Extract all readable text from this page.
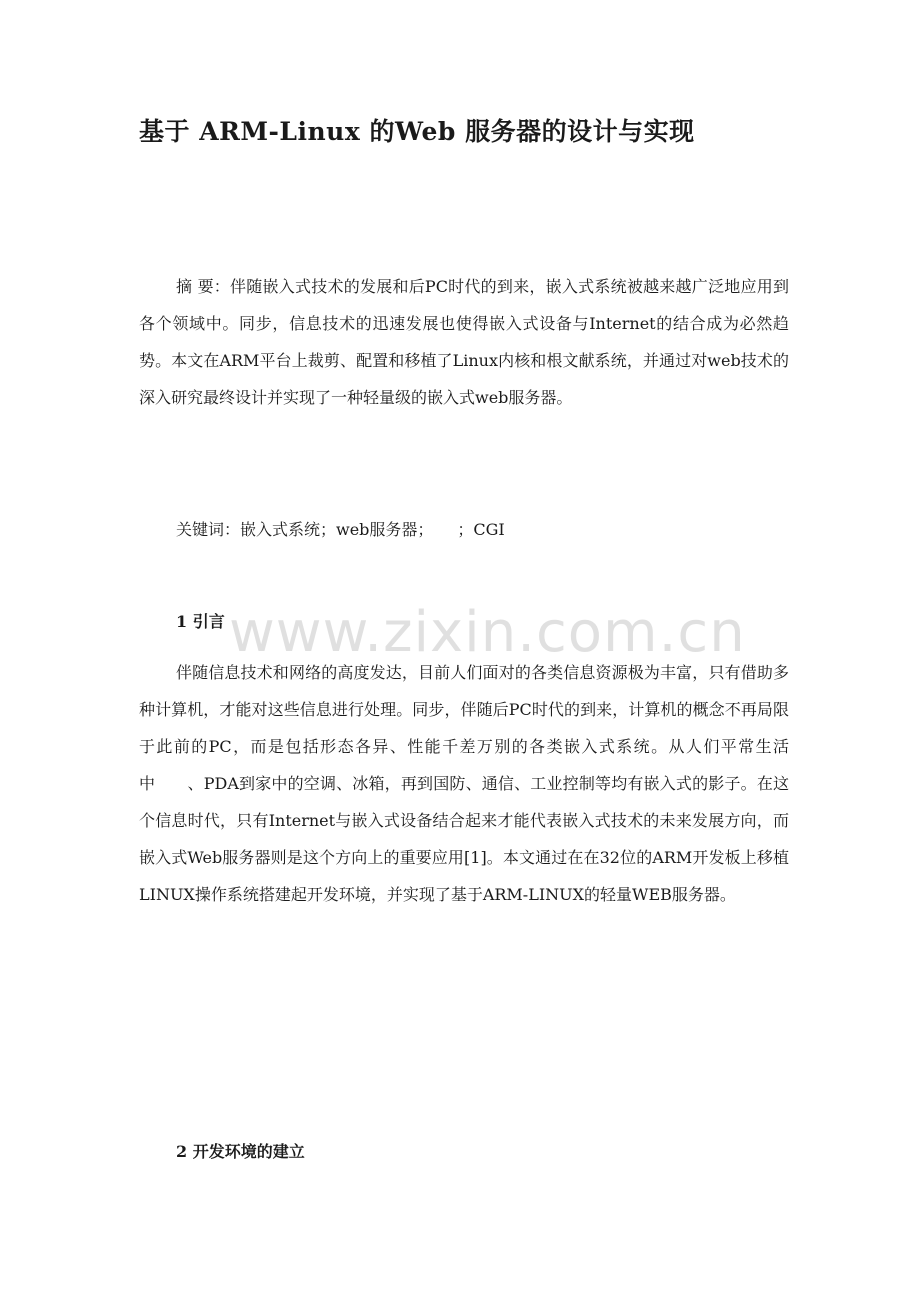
基于 ARM-Linux 的Web 服务器的设计与实现

摘 要：伴随嵌入式技术的发展和后PC时代的到来，嵌入式系统被越来越广泛地应用到各个领域中。同步，信息技术的迅速发展也使得嵌入式设备与Internet的结合成为必然趋势。本文在ARM平台上裁剪、配置和移植了Linux内核和根文献系统，并通过对web技术的深入研究最终设计并实现了一种轻量级的嵌入式web服务器。

关键词：嵌入式系统；web服务器；　　；CGI

1 引言 www.zixin.com.cn

伴随信息技术和网络的高度发达，目前人们面对的各类信息资源极为丰富，只有借助多种计算机，才能对这些信息进行处理。同步，伴随后PC时代的到来，计算机的概念不再局限于此前的PC，而是包括形态各异、性能千差万别的各类嵌入式系统。从人们平常生活中　　、PDA到家中的空调、冰箱，再到国防、通信、工业控制等均有嵌入式的影子。在这个信息时代，只有Internet与嵌入式设备结合起来才能代表嵌入式技术的未来发展方向，而嵌入式Web服务器则是这个方向上的重要应用[1]。本文通过在在32位的ARM开发板上移植LINUX操作系统搭建起开发环境，并实现了基于ARM-LINUX的轻量WEB服务器。

2 开发环境的建立
